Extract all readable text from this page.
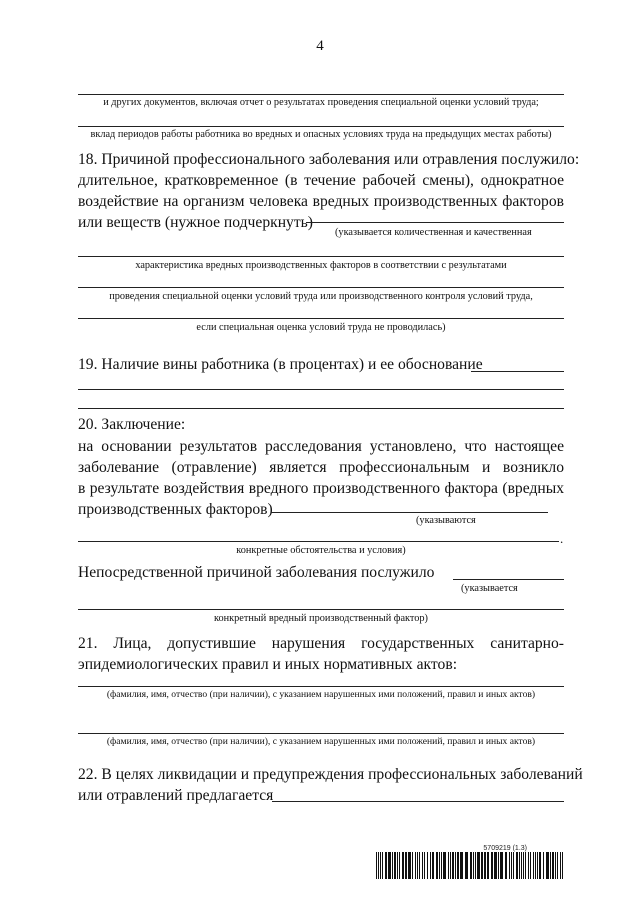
4
и других документов, включая отчет о результатах проведения специальной оценки условий труда;
вклад периодов работы работника во вредных и опасных условиях труда на предыдущих местах работы)
18. Причиной профессионального заболевания или отравления послужило:
длительное, кратковременное (в течение рабочей смены), однократное
воздействие на организм человека вредных производственных факторов
или веществ (нужное подчеркнуть)
(указывается количественная и качественная
характеристика вредных производственных факторов в соответствии с результатами
проведения специальной оценки условий труда или производственного контроля условий труда,
если специальная оценка условий труда не проводилась)
19. Наличие вины работника (в процентах) и ее обоснование
20. Заключение:
на основании результатов расследования установлено, что настоящее
заболевание (отравление) является профессиональным и возникло
в результате воздействия вредного производственного фактора (вредных
производственных факторов)
(указываются
.
конкретные обстоятельства и условия)
Непосредственной причиной заболевания послужило
(указывается
конкретный вредный производственный фактор)
21. Лица, допустившие нарушения государственных санитарно-
эпидемиологических правил и иных нормативных актов:
(фамилия, имя, отчество (при наличии), с указанием нарушенных ими положений, правил и иных актов)
(фамилия, имя, отчество (при наличии), с указанием нарушенных ими положений, правил и иных актов)
22. В целях ликвидации и предупреждения профессиональных заболеваний
или отравлений предлагается
5709219 (1.3)
